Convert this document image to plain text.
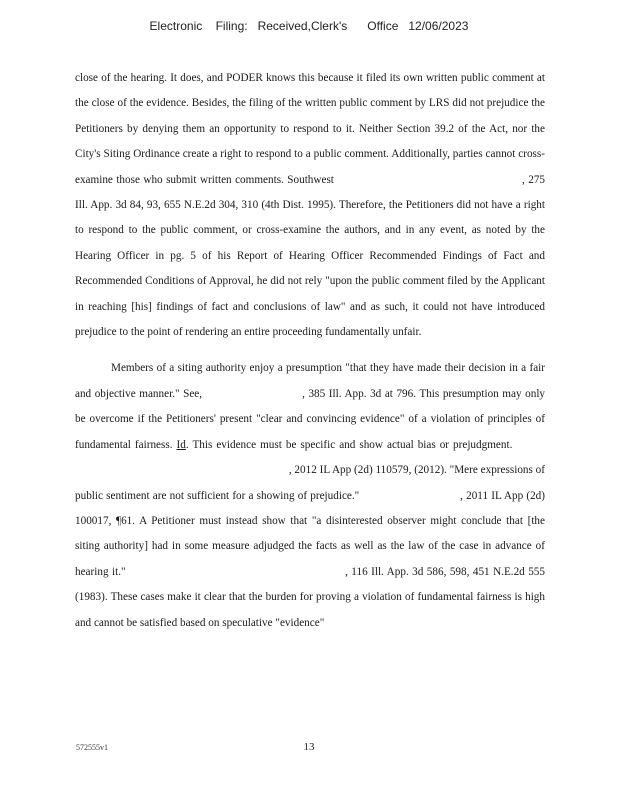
Electronic    Filing:   Received,Clerk's      Office   12/06/2023

close of the hearing. It does, and PODER knows this because it filed its own written public comment at the close of the evidence. Besides, the filing of the written public comment by LRS did not prejudice the Petitioners by denying them an opportunity to respond to it. Neither Section 39.2 of the Act, nor the City's Siting Ordinance create a right to respond to a public comment. Additionally, parties cannot cross-examine those who submit written comments. Southwest	, 275 Ill. App. 3d 84, 93, 655 N.E.2d 304, 310 (4th Dist. 1995). Therefore, the Petitioners did not have a right to respond to the public comment, or cross-examine the authors, and in any event, as noted by the Hearing Officer in pg. 5 of his Report of Hearing Officer Recommended Findings of Fact and Recommended Conditions of Approval, he did not rely "upon the public comment filed by the Applicant in reaching [his] findings of fact and conclusions of law" and as such, it could not have introduced prejudice to the point of rendering an entire proceeding fundamentally unfair.

Members of a siting authority enjoy a presumption "that they have made their decision in a fair and objective manner." See,	, 385 Ill. App. 3d at 796. This presumption may only be overcome if the Petitioners' present "clear and convincing evidence" of a violation of principles of fundamental fairness. Id. This evidence must be specific and show actual bias or prejudgment. , 2012 IL App (2d) 110579, (2012). "Mere expressions of public sentiment are not sufficient for a showing of prejudice."	, 2011 IL App (2d) 100017, ¶61. A Petitioner must instead show that "a disinterested observer might conclude that [the siting authority] had in some measure adjudged the facts as well as the law of the case in advance of hearing it."	, 116 Ill. App. 3d 586, 598, 451 N.E.2d 555 (1983). These cases make it clear that the burden for proving a violation of fundamental fairness is high and cannot be satisfied based on speculative "evidence"

572555v1	13
